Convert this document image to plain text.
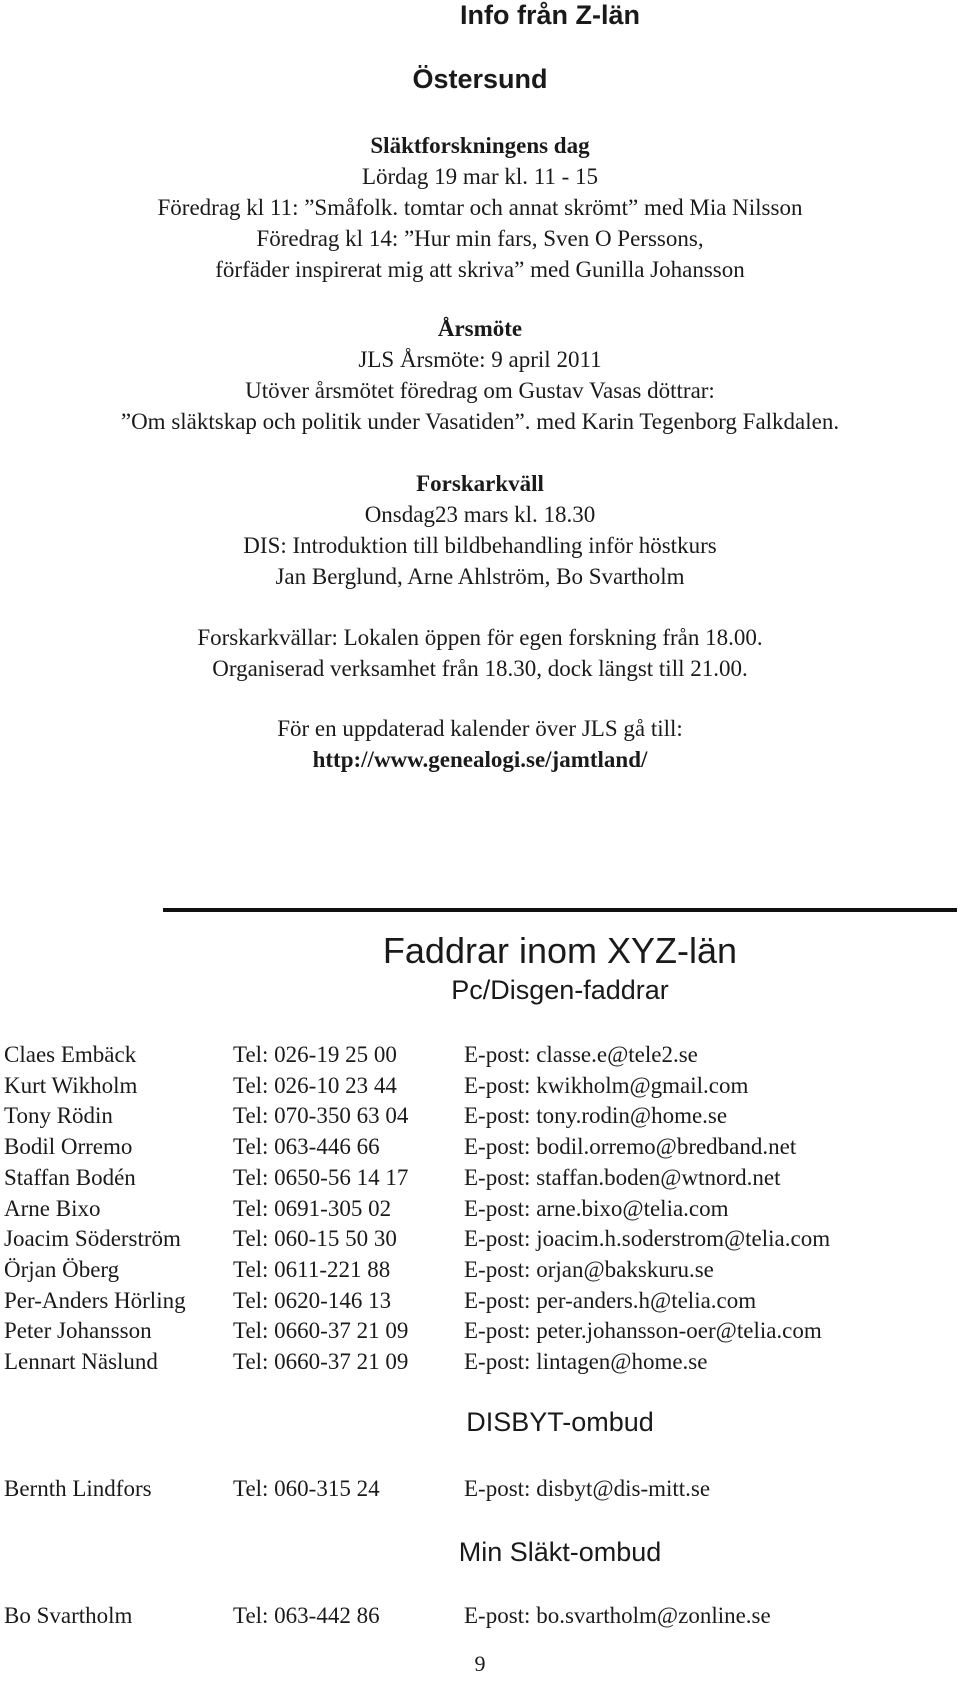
Info från Z-län
Östersund
Släktforskningens dag
Lördag 19 mar kl. 11 - 15
Föredrag kl 11: ”Småfolk. tomtar och annat skrömt” med Mia Nilsson
Föredrag kl 14: ”Hur min fars, Sven O Perssons,
förfäder inspirerat mig att skriva” med Gunilla Johansson
Årsmöte
JLS Årsmöte: 9 april 2011
Utöver årsmötet föredrag om Gustav Vasas döttrar:
”Om släktskap och politik under Vasatiden”. med Karin Tegenborg Falkdalen.
Forskarkväll
Onsdag23 mars kl. 18.30
DIS: Introduktion till bildbehandling inför höstkurs
Jan Berglund, Arne Ahlström, Bo Svartholm
Forskarkvällar: Lokalen öppen för egen forskning från 18.00.
Organiserad verksamhet från 18.30, dock längst till 21.00.
För en uppdaterad kalender över JLS gå till:
http://www.genealogi.se/jamtland/
Faddrar inom XYZ-län
Pc/Disgen-faddrar
Claes Embäck	Tel: 026-19 25 00	E-post: classe.e@tele2.se
Kurt Wikholm	Tel: 026-10 23 44	E-post: kwikholm@gmail.com
Tony Rödin	Tel: 070-350 63 04 E-post: tony.rodin@home.se
Bodil Orremo	Tel: 063-446 66	E-post: bodil.orremo@bredband.net
Staffan Bodén	Tel: 0650-56 14 17 E-post: staffan.boden@wtnord.net
Arne Bixo	Tel: 0691-305 02	E-post: arne.bixo@telia.com
Joacim Söderström Tel: 060-15 50 30	E-post: joacim.h.soderstrom@telia.com
Örjan Öberg	Tel: 0611-221 88	E-post: orjan@bakskuru.se
Per-Anders Hörling Tel: 0620-146 13	E-post: per-anders.h@telia.com
Peter Johansson	Tel: 0660-37 21 09 E-post: peter.johansson-oer@telia.com
Lennart Näslund	Tel: 0660-37 21 09 E-post: lintagen@home.se
DISBYT-ombud
Bernth Lindfors	Tel: 060-315 24	E-post: disbyt@dis-mitt.se
Min Släkt-ombud
Bo Svartholm	Tel: 063-442 86	E-post: bo.svartholm@zonline.se
9
